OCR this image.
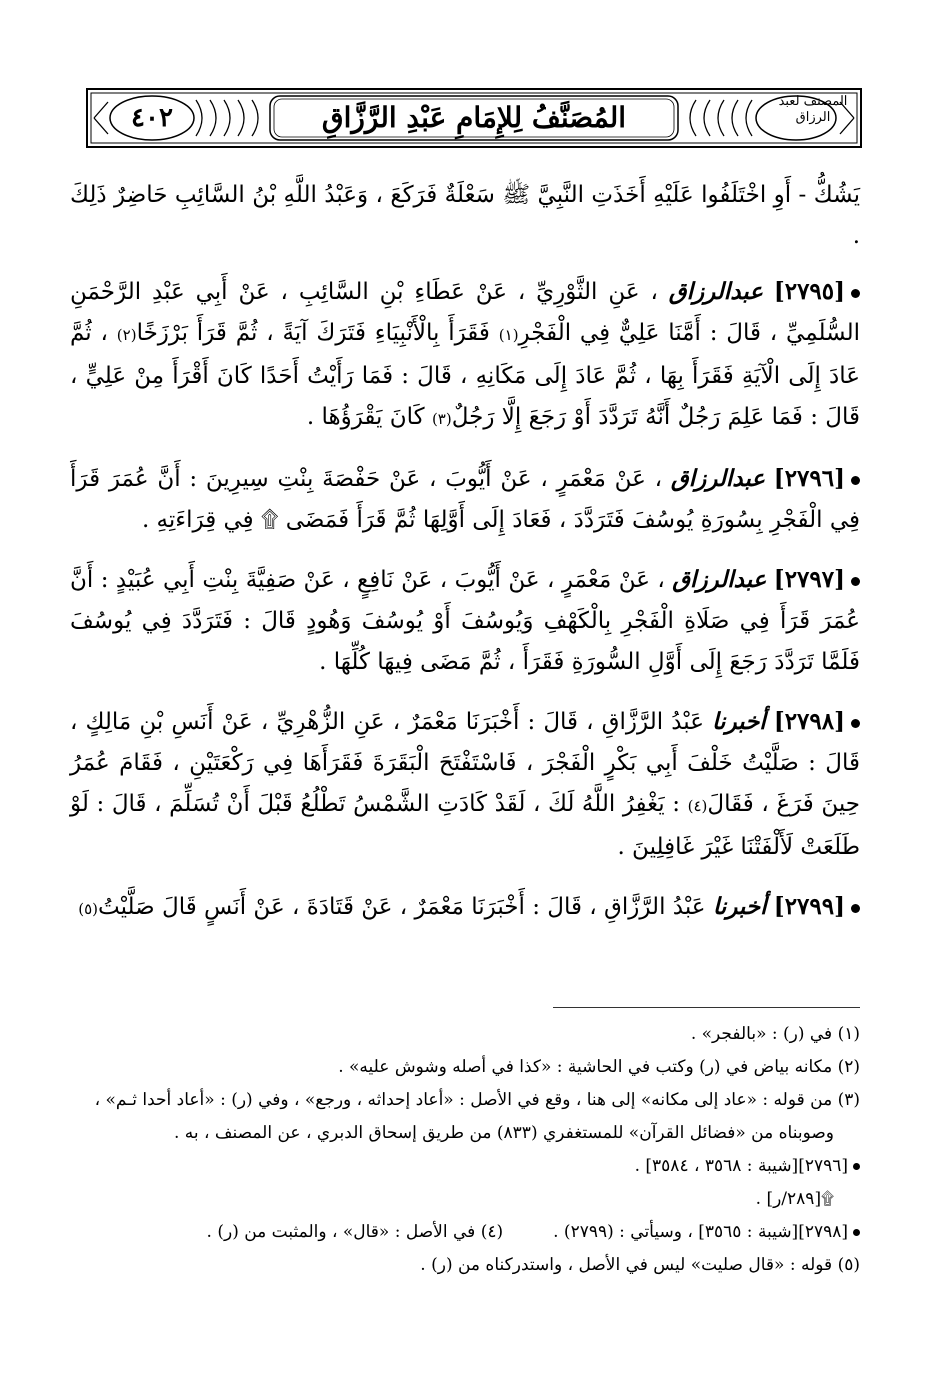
المُصَنَّفُ لِلإِمَامِ عَبْدِ الرَّزَّاقِ
٤٠٢
المصنف لعبد الرزاق

يَشُكُّ - أَوِ اخْتَلَفُوا عَلَيْهِ أَخَذَتِ النَّبِيَّ ﷺ سَعْلَةٌ فَرَكَعَ ، وَعَبْدُ اللَّهِ بْنُ السَّائِبِ حَاضِرٌ ذَلِكَ .

[٢٧٩٥] عبدالرزاق ، عَنِ الثَّوْرِيِّ ، عَنْ عَطَاءِ بْنِ السَّائِبِ ، عَنْ أَبِي عَبْدِ الرَّحْمَنِ السُّلَمِيِّ ، قَالَ : أَمَّنَا عَلِيٌّ فِي الْفَجْرِ(١) فَقَرَأَ بِالْأَنْبِيَاءِ فَتَرَكَ آيَةً ، ثُمَّ قَرَأَ بَرْزَخًا(٢) ، ثُمَّ عَادَ إِلَى الْآيَةِ فَقَرَأَ بِهَا ، ثُمَّ عَادَ إِلَى مَكَانِهِ ، قَالَ : فَمَا رَأَيْتُ أَحَدًا كَانَ أَقْرَأَ مِنْ عَلِيٍّ ، قَالَ : فَمَا عَلِمَ رَجُلٌ أَنَّهُ تَرَدَّدَ أَوْ رَجَعَ إِلَّا رَجُلٌ(٣) كَانَ يَقْرَؤُهَا .

[٢٧٩٦] عبدالرزاق ، عَنْ مَعْمَرٍ ، عَنْ أَيُّوبَ ، عَنْ حَفْصَةَ بِنْتِ سِيرِينَ : أَنَّ عُمَرَ قَرَأَ فِي الْفَجْرِ بِسُورَةِ يُوسُفَ فَتَرَدَّدَ ، فَعَادَ إِلَى أَوَّلِهَا ثُمَّ قَرَأَ فَمَضَى ۩ فِي قِرَاءَتِهِ .

[٢٧٩٧] عبدالرزاق ، عَنْ مَعْمَرٍ ، عَنْ أَيُّوبَ ، عَنْ نَافِعٍ ، عَنْ صَفِيَّةَ بِنْتِ أَبِي عُبَيْدٍ : أَنَّ عُمَرَ قَرَأَ فِي صَلَاةِ الْفَجْرِ بِالْكَهْفِ وَيُوسُفَ أَوْ يُوسُفَ وَهُودٍ قَالَ : فَتَرَدَّدَ فِي يُوسُفَ فَلَمَّا تَرَدَّدَ رَجَعَ إِلَى أَوَّلِ السُّورَةِ فَقَرَأَ ، ثُمَّ مَضَى فِيهَا كُلِّهَا .

[٢٧٩٨] أخبرنا عَبْدُ الرَّزَّاقِ ، قَالَ : أَخْبَرَنَا مَعْمَرٌ ، عَنِ الزُّهْرِيِّ ، عَنْ أَنَسِ بْنِ مَالِكٍ ، قَالَ : صَلَّيْتُ خَلْفَ أَبِي بَكْرٍ الْفَجْرَ ، فَاسْتَفْتَحَ الْبَقَرَةَ فَقَرَأَهَا فِي رَكْعَتَيْنِ ، فَقَامَ عُمَرُ حِينَ فَرَغَ ، فَقَالَ(٤) : يَغْفِرُ اللَّهُ لَكَ ، لَقَدْ كَادَتِ الشَّمْسُ تَطْلُعُ قَبْلَ أَنْ تُسَلِّمَ ، قَالَ : لَوْ طَلَعَتْ لَأَلْفَتْنَا غَيْرَ غَافِلِينَ .

[٢٧٩٩] أخبرنا عَبْدُ الرَّزَّاقِ ، قَالَ : أَخْبَرَنَا مَعْمَرٌ ، عَنْ قَتَادَةَ ، عَنْ أَنَسٍ قَالَ صَلَّيْتُ(٥)

(١) في (ر) : «بالفجر» .

(٢) مكانه بياض في (ر) وكتب في الحاشية : «كذا في أصله وشوش عليه» .

(٣) من قوله : «عاد إلى مكانه» إلى هنا ، وقع في الأصل : «أعاد إحداثه ، ورجع» ، وفي (ر) : «أعاد أحدا ثـم» ،

وصوبناه من «فضائل القرآن» للمستغفري (٨٣٣) من طريق إسحاق الدبري ، عن المصنف ، به .

[٢٧٩٦][شيبة : ٣٥٦٨ ، ٣٥٨٤] .

۩[٢٨٩/ر] .

[٢٧٩٨][شيبة : ٣٥٦٥] ، وسيأتي : (٢٧٩٩) .(٤) في الأصل : «قال» ، والمثبت من (ر) .

(٥) قوله : «قال صليت» ليس في الأصل ، واستدركناه من (ر) .
